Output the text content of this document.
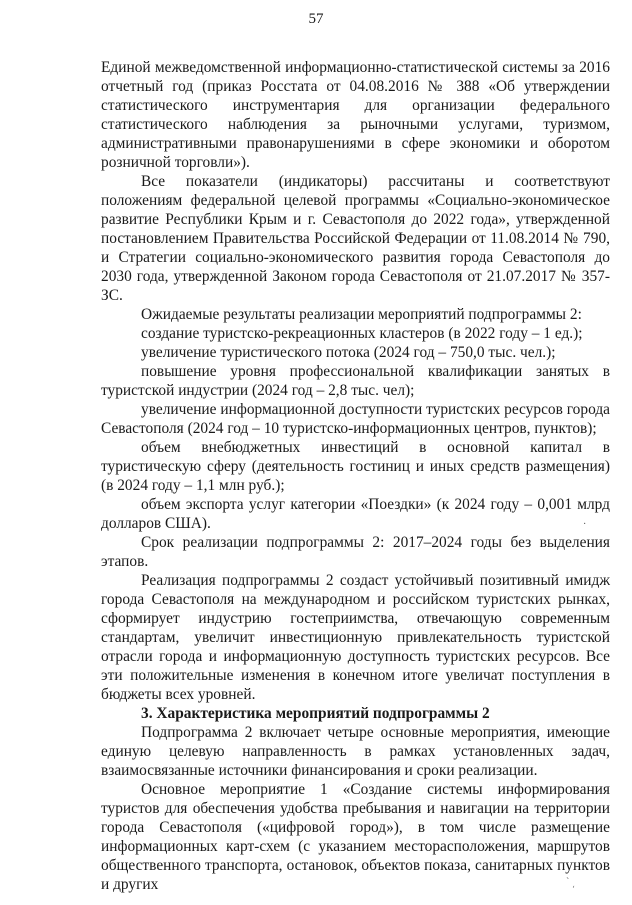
57

Единой межведомственной информационно-статистической системы за 2016 отчетный год (приказ Росстата от 04.08.2016 № 388 «Об утверждении статистического инструментария для организации федерального статистического наблюдения за рыночными услугами, туризмом, административными правонарушениями в сфере экономики и оборотом розничной торговли»).

Все показатели (индикаторы) рассчитаны и соответствуют положениям федеральной целевой программы «Социально-экономическое развитие Республики Крым и г. Севастополя до 2022 года», утвержденной постановлением Правительства Российской Федерации от 11.08.2014 № 790, и Стратегии социально-экономического развития города Севастополя до 2030 года, утвержденной Законом города Севастополя от 21.07.2017 № 357-ЗС.

Ожидаемые результаты реализации мероприятий подпрограммы 2:

создание туристско-рекреационных кластеров (в 2022 году – 1 ед.);

увеличение туристического потока (2024 год – 750,0 тыс. чел.);

повышение уровня профессиональной квалификации занятых в туристской индустрии (2024 год – 2,8 тыс. чел);

увеличение информационной доступности туристских ресурсов города Севастополя (2024 год – 10 туристско-информационных центров, пунктов);

объем внебюджетных инвестиций в основной капитал в туристическую сферу (деятельность гостиниц и иных средств размещения) (в 2024 году – 1,1 млн руб.);

объем экспорта услуг категории «Поездки» (к 2024 году – 0,001 млрд долларов США).

Срок реализации подпрограммы 2: 2017–2024 годы без выделения этапов.

Реализация подпрограммы 2 создаст устойчивый позитивный имидж города Севастополя на международном и российском туристских рынках, сформирует индустрию гостеприимства, отвечающую современным стандартам, увеличит инвестиционную привлекательность туристской отрасли города и информационную доступность туристских ресурсов. Все эти положительные изменения в конечном итоге увеличат поступления в бюджеты всех уровней.

3. Характеристика мероприятий подпрограммы 2

Подпрограмма 2 включает четыре основные мероприятия, имеющие единую целевую направленность в рамках установленных задач, взаимосвязанные источники финансирования и сроки реализации.

Основное мероприятие 1 «Создание системы информирования туристов для обеспечения удобства пребывания и навигации на территории города Севастополя («цифровой город»), в том числе размещение информационных карт-схем (с указанием месторасположения, маршрутов общественного транспорта, остановок, объектов показа, санитарных пунктов и других

·
ˋ ͵
